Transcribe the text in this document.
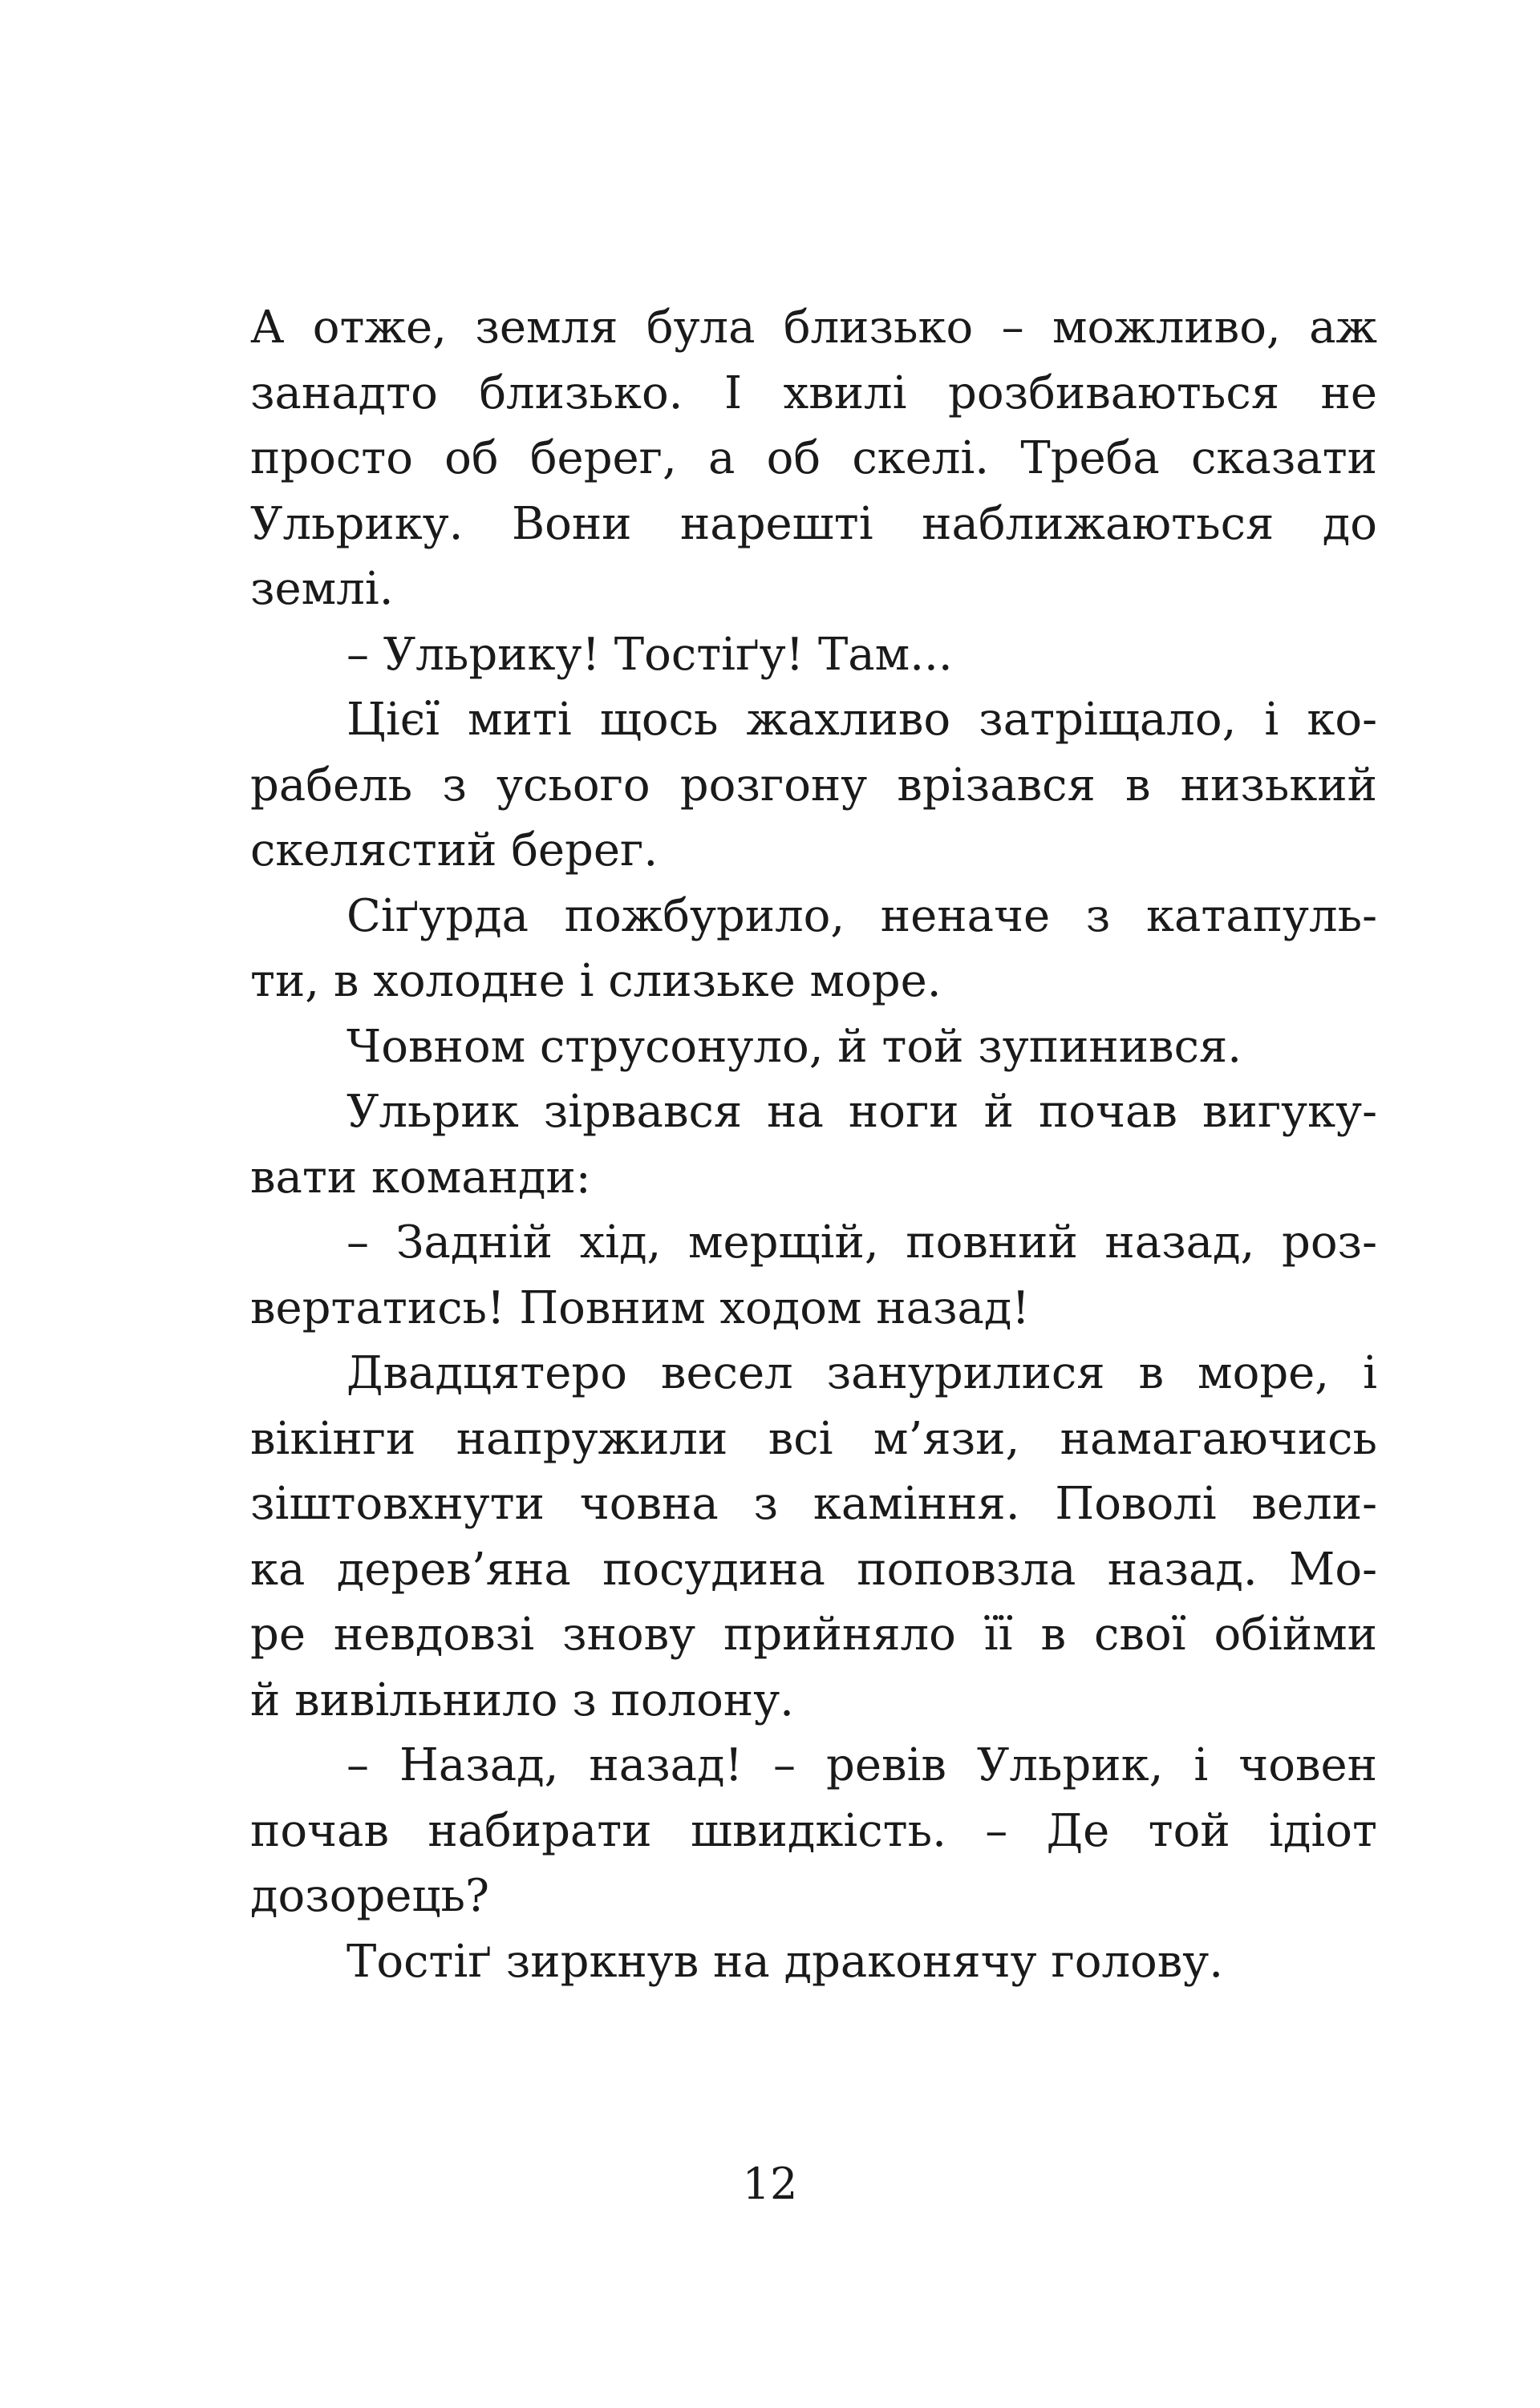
А отже, земля була близько – можливо, аж
занадто близько. І хвилі розбиваються не
просто об берег, а об скелі. Треба сказати
Ульрику. Вони нарешті наближаються до
землі.
– Ульрику! Тостіґу! Там...
Цієї миті щось жахливо затріщало, і ко-
рабель з усього розгону врізався в низький
скелястий берег.
Сіґурда пожбурило, неначе з катапуль-
ти, в холодне і слизьке море.
Човном струсонуло, й той зупинився.
Ульрик зірвався на ноги й почав вигуку-
вати команди:
– Задній хід, мерщій, повний назад, роз-
вертатись! Повним ходом назад!
Двадцятеро весел занурилися в море, і
вікінги напружили всі м’язи, намагаючись
зіштовхнути човна з каміння. Поволі вели-
ка дерев’яна посудина поповзла назад. Мо-
ре невдовзі знову прийняло її в свої обійми
й вивільнило з полону.
– Назад, назад! – ревів Ульрик, і човен
почав набирати швидкість. – Де той ідіот
дозорець?
Тостіґ зиркнув на драконячу голову.
12
